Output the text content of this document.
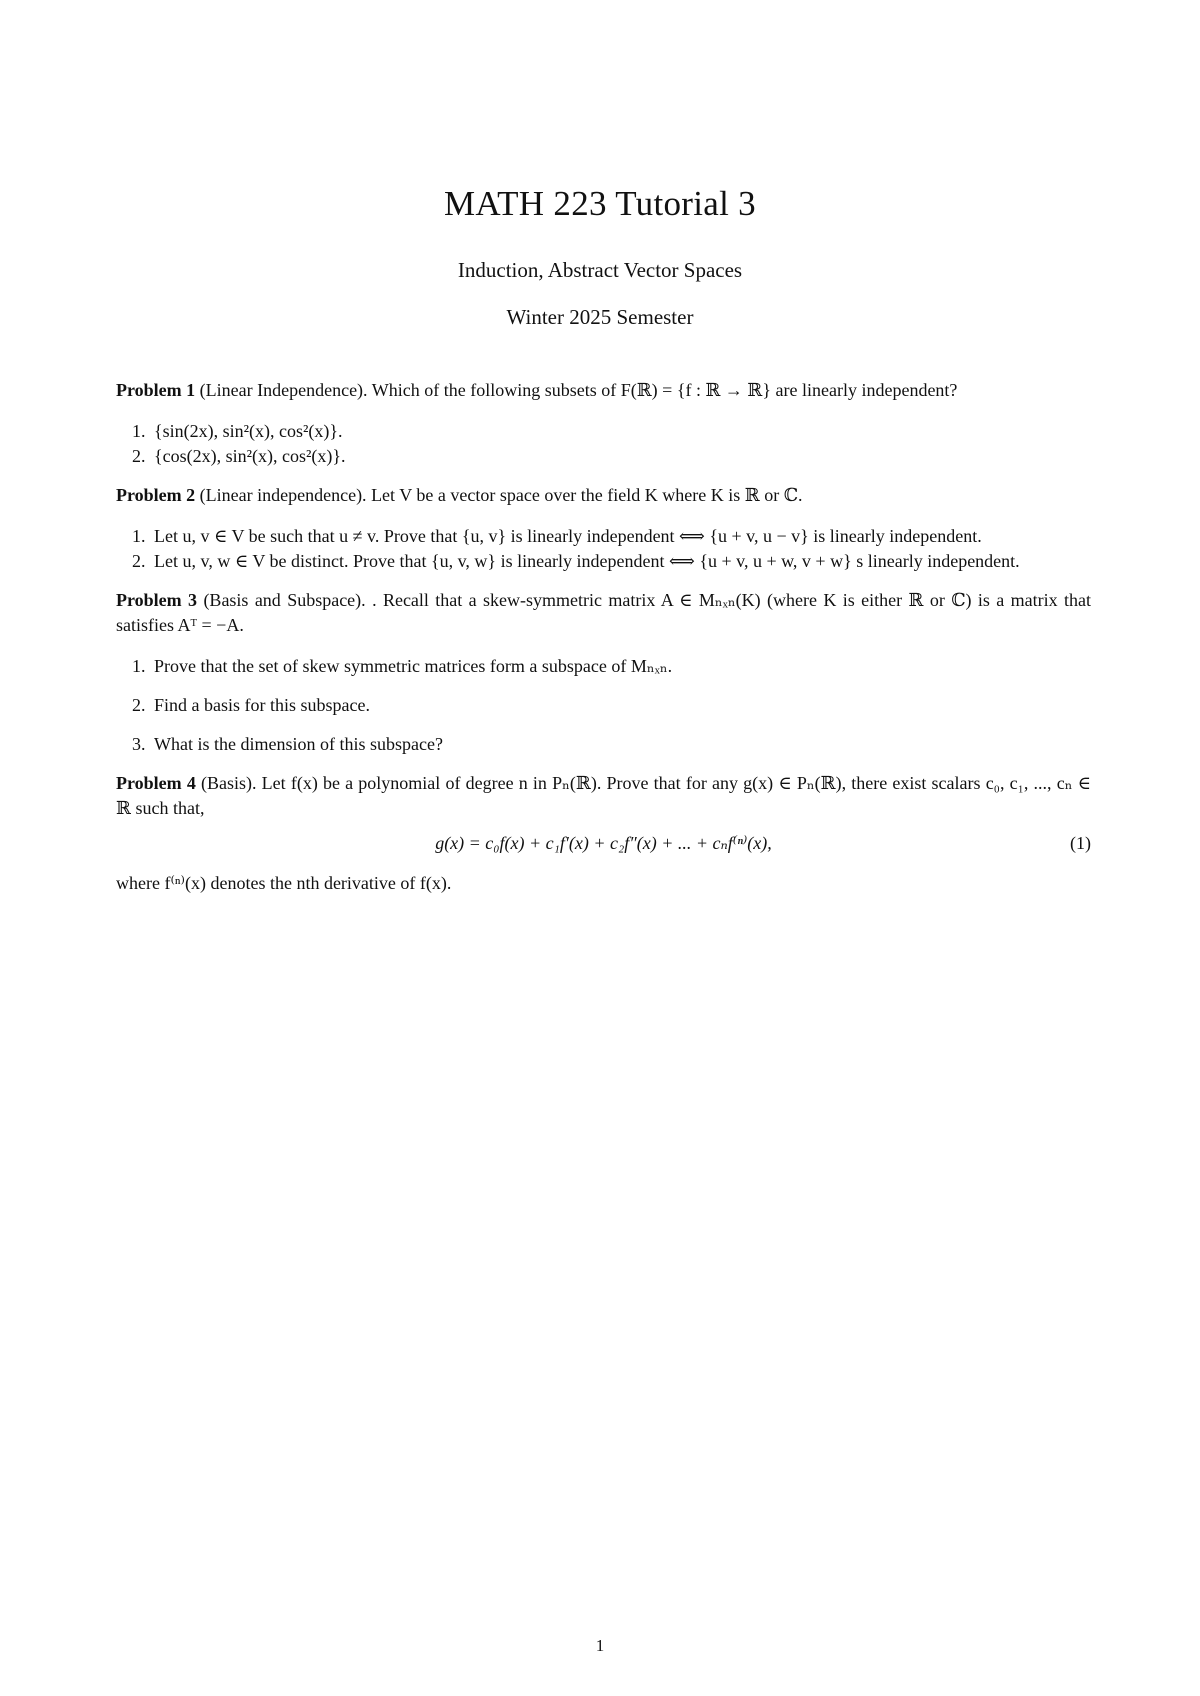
MATH 223 Tutorial 3

Induction, Abstract Vector Spaces

Winter 2025 Semester

Problem 1 (Linear Independence). Which of the following subsets of F(ℝ) = {f : ℝ → ℝ} are linearly independent?

1. {sin(2x), sin²(x), cos²(x)}.
2. {cos(2x), sin²(x), cos²(x)}.

Problem 2 (Linear independence). Let V be a vector space over the field K where K is ℝ or ℂ.

1. Let u, v ∈ V be such that u ≠ v. Prove that {u, v} is linearly independent ⟺ {u + v, u − v} is linearly independent.
2. Let u, v, w ∈ V be distinct. Prove that {u, v, w} is linearly independent ⟺ {u + v, u + w, v + w} s linearly independent.

Problem 3 (Basis and Subspace). . Recall that a skew-symmetric matrix A ∈ Mₙₓₙ(K) (where K is either ℝ or ℂ) is a matrix that satisfies Aᵀ = −A.

1. Prove that the set of skew symmetric matrices form a subspace of Mₙₓₙ.
2. Find a basis for this subspace.
3. What is the dimension of this subspace?

Problem 4 (Basis). Let f(x) be a polynomial of degree n in Pₙ(ℝ). Prove that for any g(x) ∈ Pₙ(ℝ), there exist scalars c₀, c₁, ..., cₙ ∈ ℝ such that,

g(x) = c₀f(x) + c₁f′(x) + c₂f″(x) + ... + cₙf⁽ⁿ⁾(x),	(1)

where f⁽ⁿ⁾(x) denotes the nth derivative of f(x).

1
